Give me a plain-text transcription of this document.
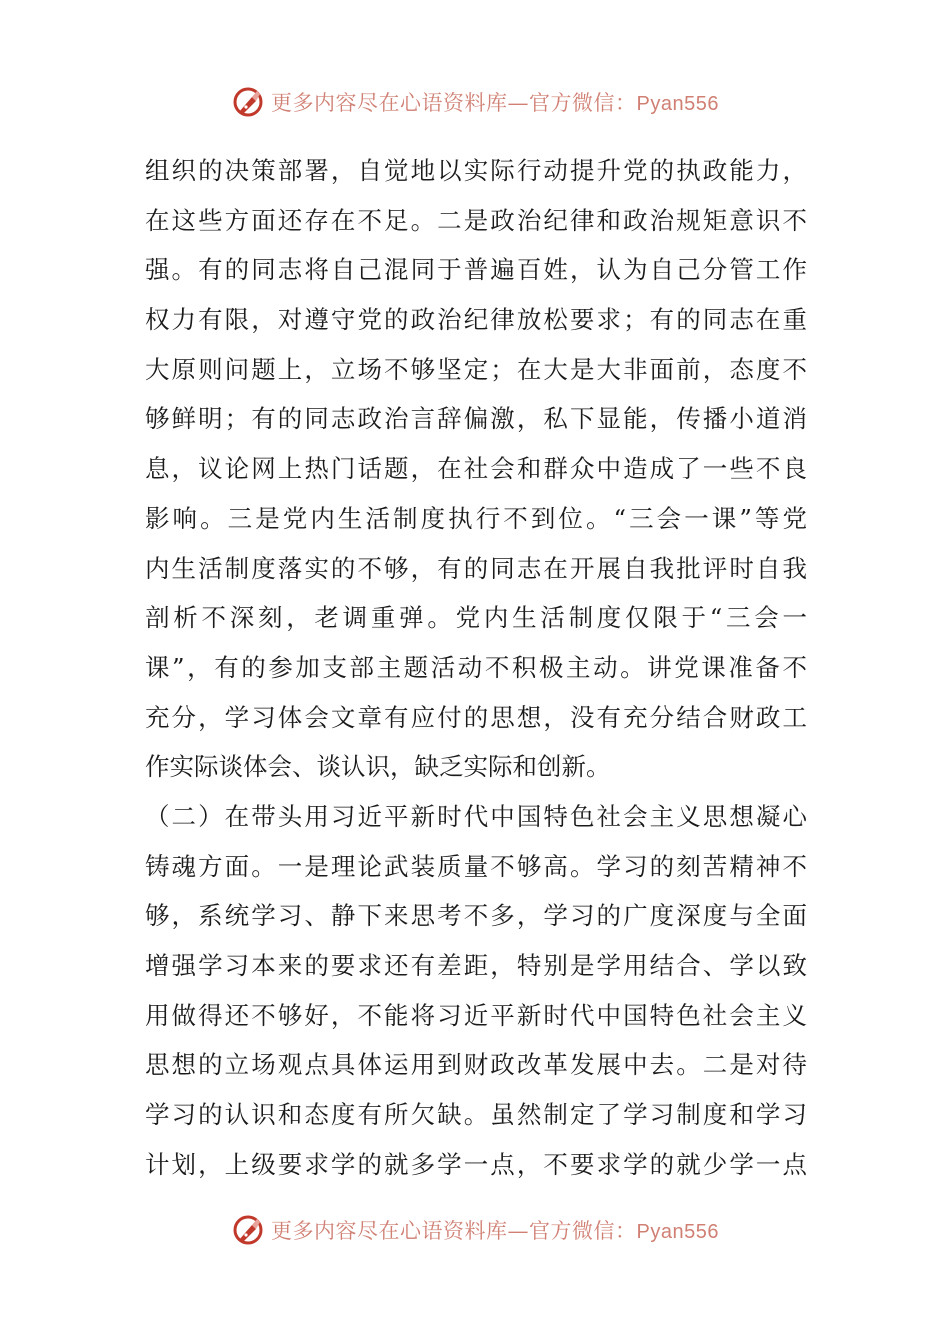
更多内容尽在心语资料库—官方微信：Pyan556
组织的决策部署，自觉地以实际行动提升党的执政能力，
在这些方面还存在不足。二是政治纪律和政治规矩意识不
强。有的同志将自己混同于普遍百姓，认为自己分管工作
权力有限，对遵守党的政治纪律放松要求；有的同志在重
大原则问题上，立场不够坚定；在大是大非面前，态度不
够鲜明；有的同志政治言辞偏激，私下显能，传播小道消
息，议论网上热门话题，在社会和群众中造成了一些不良
影响。三是党内生活制度执行不到位。“三会一课”等党
内生活制度落实的不够，有的同志在开展自我批评时自我
剖析不深刻，老调重弹。党内生活制度仅限于“三会一
课”，有的参加支部主题活动不积极主动。讲党课准备不
充分，学习体会文章有应付的思想，没有充分结合财政工
作实际谈体会、谈认识，缺乏实际和创新。
（二）在带头用习近平新时代中国特色社会主义思想凝心
铸魂方面。一是理论武装质量不够高。学习的刻苦精神不
够，系统学习、静下来思考不多，学习的广度深度与全面
增强学习本来的要求还有差距，特别是学用结合、学以致
用做得还不够好，不能将习近平新时代中国特色社会主义
思想的立场观点具体运用到财政改革发展中去。二是对待
学习的认识和态度有所欠缺。虽然制定了学习制度和学习
计划，上级要求学的就多学一点，不要求学的就少学一点
更多内容尽在心语资料库—官方微信：Pyan556
